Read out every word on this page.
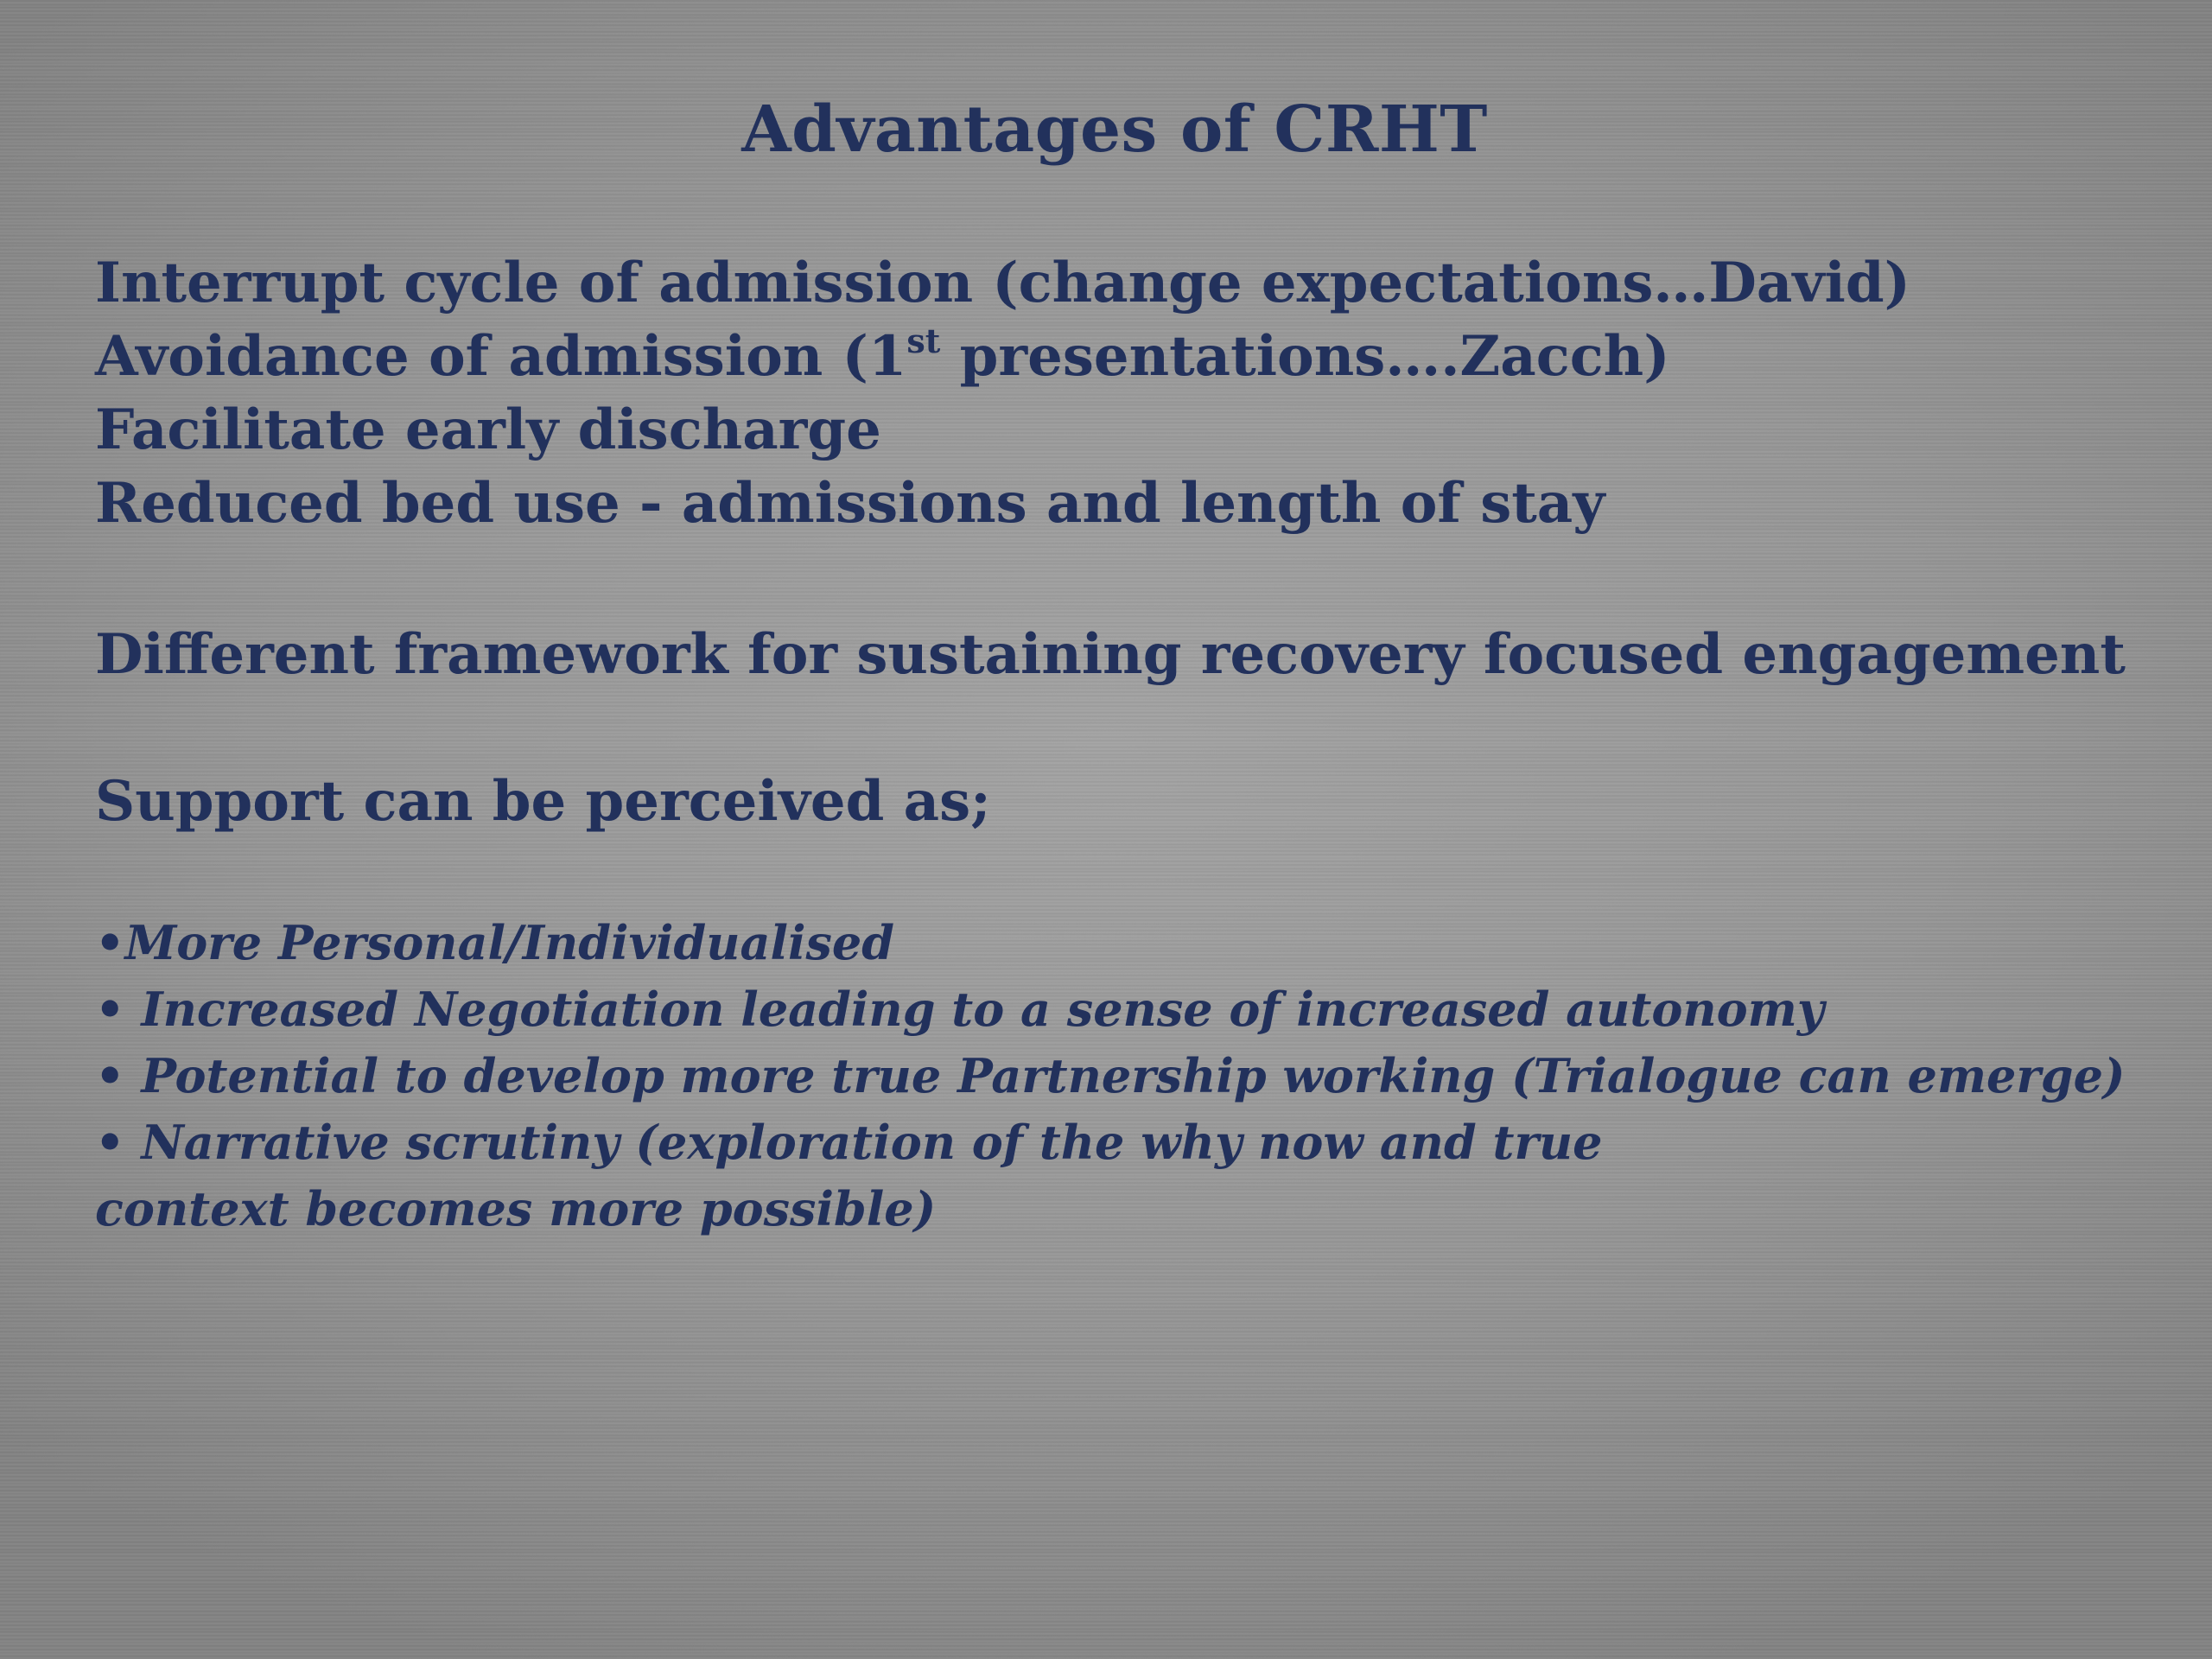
Advantages of CRHT
Interrupt cycle of admission (change expectations…David)
Avoidance of admission (1st presentations….Zacch)
Facilitate early discharge
Reduced bed use - admissions and length of stay
Different framework for sustaining recovery focused engagement
Support can be perceived as;
•More Personal/Individualised
• Increased Negotiation leading to a sense of increased autonomy
• Potential to develop more true Partnership working (Trialogue can emerge)
• Narrative scrutiny (exploration of the why now and true
context becomes more possible)
